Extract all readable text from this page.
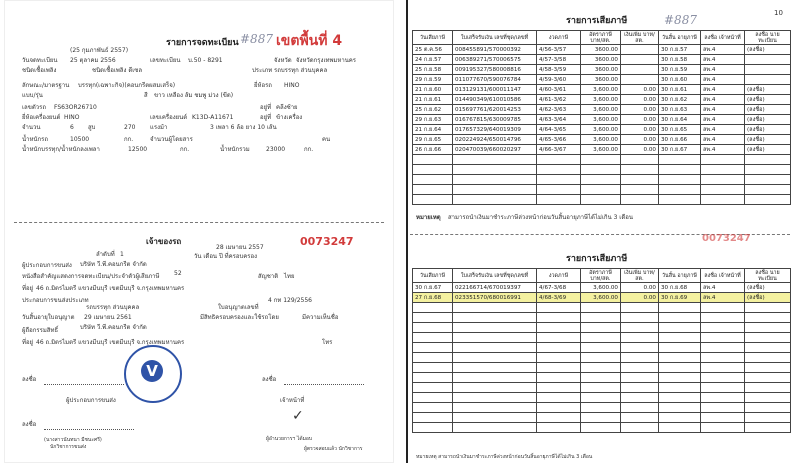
รายการจดทะเบียน #887 เขตพื้นที่ 4
(25 กุมภาพันธ์ 2557)
วันจดทะเบียน 25 ตุลาคม 2556	เลขทะเบียน บ.50 - 8291	จังหวัด จังหวัดกรุงเทพมหานคร
ชนิดเชื้อเพลิง	ชนิดเชื้อเพลิง ดีเซล	ประเภท รถบรรทุก ส่วนบุคคล
ลักษณะ/มาตรฐาน บรรทุก(เฉพาะกิจ)(คอนกรีตผสมเสร็จ)	ยี่ห้อรถ HINO
แบบ/รุ่น	สี ขาว เหลือง ส้ม ชมพู ม่วง (ขีด)
เลขตัวรถ FS63OR26710	อยู่ที่ คลีงซ้าย
ยี่ห้อเครื่องยนต์ HINO	เลขเครื่องยนต์ K13D-A11671	อยู่ที่ ข้างเครื่อง
จำนวน	6 สูบ	270 แรงม้า	3 เพลา 6 ล้อ ยาง 10 เส้น
น้ำหนักรถ	10500	กก.	จำนวนผู้โดยสาร	คน
น้ำหนักบรรทุก/น้ำหนักลงเพลา	12500	กก.	น้ำหนักรวม	23000	กก.
เจ้าของรถ
ลำดับที่ 1
28 เมษายน 2557
วัน เดือน ปี ที่ครอบครอง
0073247
ผู้ประกอบการขนส่ง บริษัท วี.พี.คอนกรีต จำกัด
หนังสือสำคัญแสดงการจดทะเบียน/ประจำตัวผู้เสียภาษี 52	สัญชาติ ไทย
ที่อยู่ 46 ถ.มิตรไมตรี แขวงมีนบุรี เขตมีนบุรี จ.กรุงเทพมหานคร
ประกอบการขนส่งประเภท
รถบรรทุก ส่วนบุคคล	ใบอนุญาตเลขที่
4 กท 129/2556
วันสิ้นอายุใบอนุญาต 29 เมษายน 2561	มีสิทธิครอบครองและใช้รถโดย	มีความเห็นชื่อ
ผู้ถือกรรมสิทธิ์	บริษัท วี.พี.คอนกรีต จำกัด
ที่อยู่ 46 ถ.มิตรไมตรี แขวงมีนบุรี เขตมีนบุรี จ.กรุงเทพมหานคร	โทร
V
ลงชื่อ	ลงชื่อ
ผู้ประกอบการขนส่ง	เจ้าหน้าที่
ลงชื่อ
✓
(นางสาวนันทนา มีชนะศรี)
นักวิชาการขนส่ง
ผู้อำนวยการฯ ได้มอบ
ผู้ตรวจสอบแล้ว นักวิชาการ
10
#887
รายการเสียภาษี
วันเสียภาษี	ใบเสร็จรับเงิน เลขที่ชุด/เลขที่	งวดภาษี	อัตราภาษี บาท/สต.	เงินเพิ่ม บาท/สต.	วันสิ้น อายุภาษี	ลงชื่อ เจ้าหน้าที่	ลงชื่อ นายทะเบียน
25 ต.ค.56	008455891/570000392	4/56-3/57	3600.00		30 ก.ย.57	ลพ.4	(ลงชื่อ)
24 ก.ย.57	006389271/570006575	4/57-3/58	3600.00		30 ก.ย.58	ลพ.4	
25 ก.ย.58	009195327/580008816	4/58-3/59	3600.00		30 ก.ย.59	ลพ.4	
29 ก.ย.59	011077670/590076784	4/59-3/60	3600.00		30 ก.ย.60	ลพ.4	
21 ก.ย.60	013129131/600011147	4/60-3/61	3,600.00	0.00	30 ก.ย.61	ลพ.4	(ลงชื่อ)
21 ก.ย.61	014490349/610010586	4/61-3/62	3,600.00	0.00	30 ก.ย.62	ลพ.4	(ลงชื่อ)
25 ก.ย.62	015697761/620014253	4/62-3/63	3,600.00	0.00	30 ก.ย.63	ลพ.4	(ลงชื่อ)
29 ก.ย.63	016767815/630009785	4/63-3/64	3,600.00	0.00	30 ก.ย.64	ลพ.4	(ลงชื่อ)
21 ก.ย.64	017657329/640019309	4/64-3/65	3,600.00	0.00	30 ก.ย.65	ลพ.4	(ลงชื่อ)
29 ก.ย.65	020224924/650014796	4/65-3/66	3,600.00	0.00	30 ก.ย.66	ลพ.4	(ลงชื่อ)
26 ก.ย.66	020470039/660020297	4/66-3/67	3,600.00	0.00	30 ก.ย.67	ลพ.4	(ลงชื่อ)

หมายเหตุ สามารถนำเงินมาชำระภาษีล่วงหน้าก่อนวันสิ้นอายุภาษีได้ไม่เกิน 3 เดือน
0073247
รายการเสียภาษี
วันเสียภาษี	ใบเสร็จรับเงิน เลขที่ชุด/เลขที่	งวดภาษี	อัตราภาษี บาท/สต.	เงินเพิ่ม บาท/สต.	วันสิ้น อายุภาษี	ลงชื่อ เจ้าหน้าที่	ลงชื่อ นายทะเบียน
30 ก.ย.67	022166714/670019397	4/67-3/68	3,600.00	0.00	30 ก.ย.68	ลพ.4	(ลงชื่อ)
27 ก.ย.68	023351570/680016991	4/68-3/69	3,600.00	0.00	30 ก.ย.69	ลพ.4	(ลงชื่อ)

หมายเหตุ สามารถนำเงินมาชำระภาษีล่วงหน้าก่อนวันสิ้นอายุภาษีได้ไม่เกิน 3 เดือน
